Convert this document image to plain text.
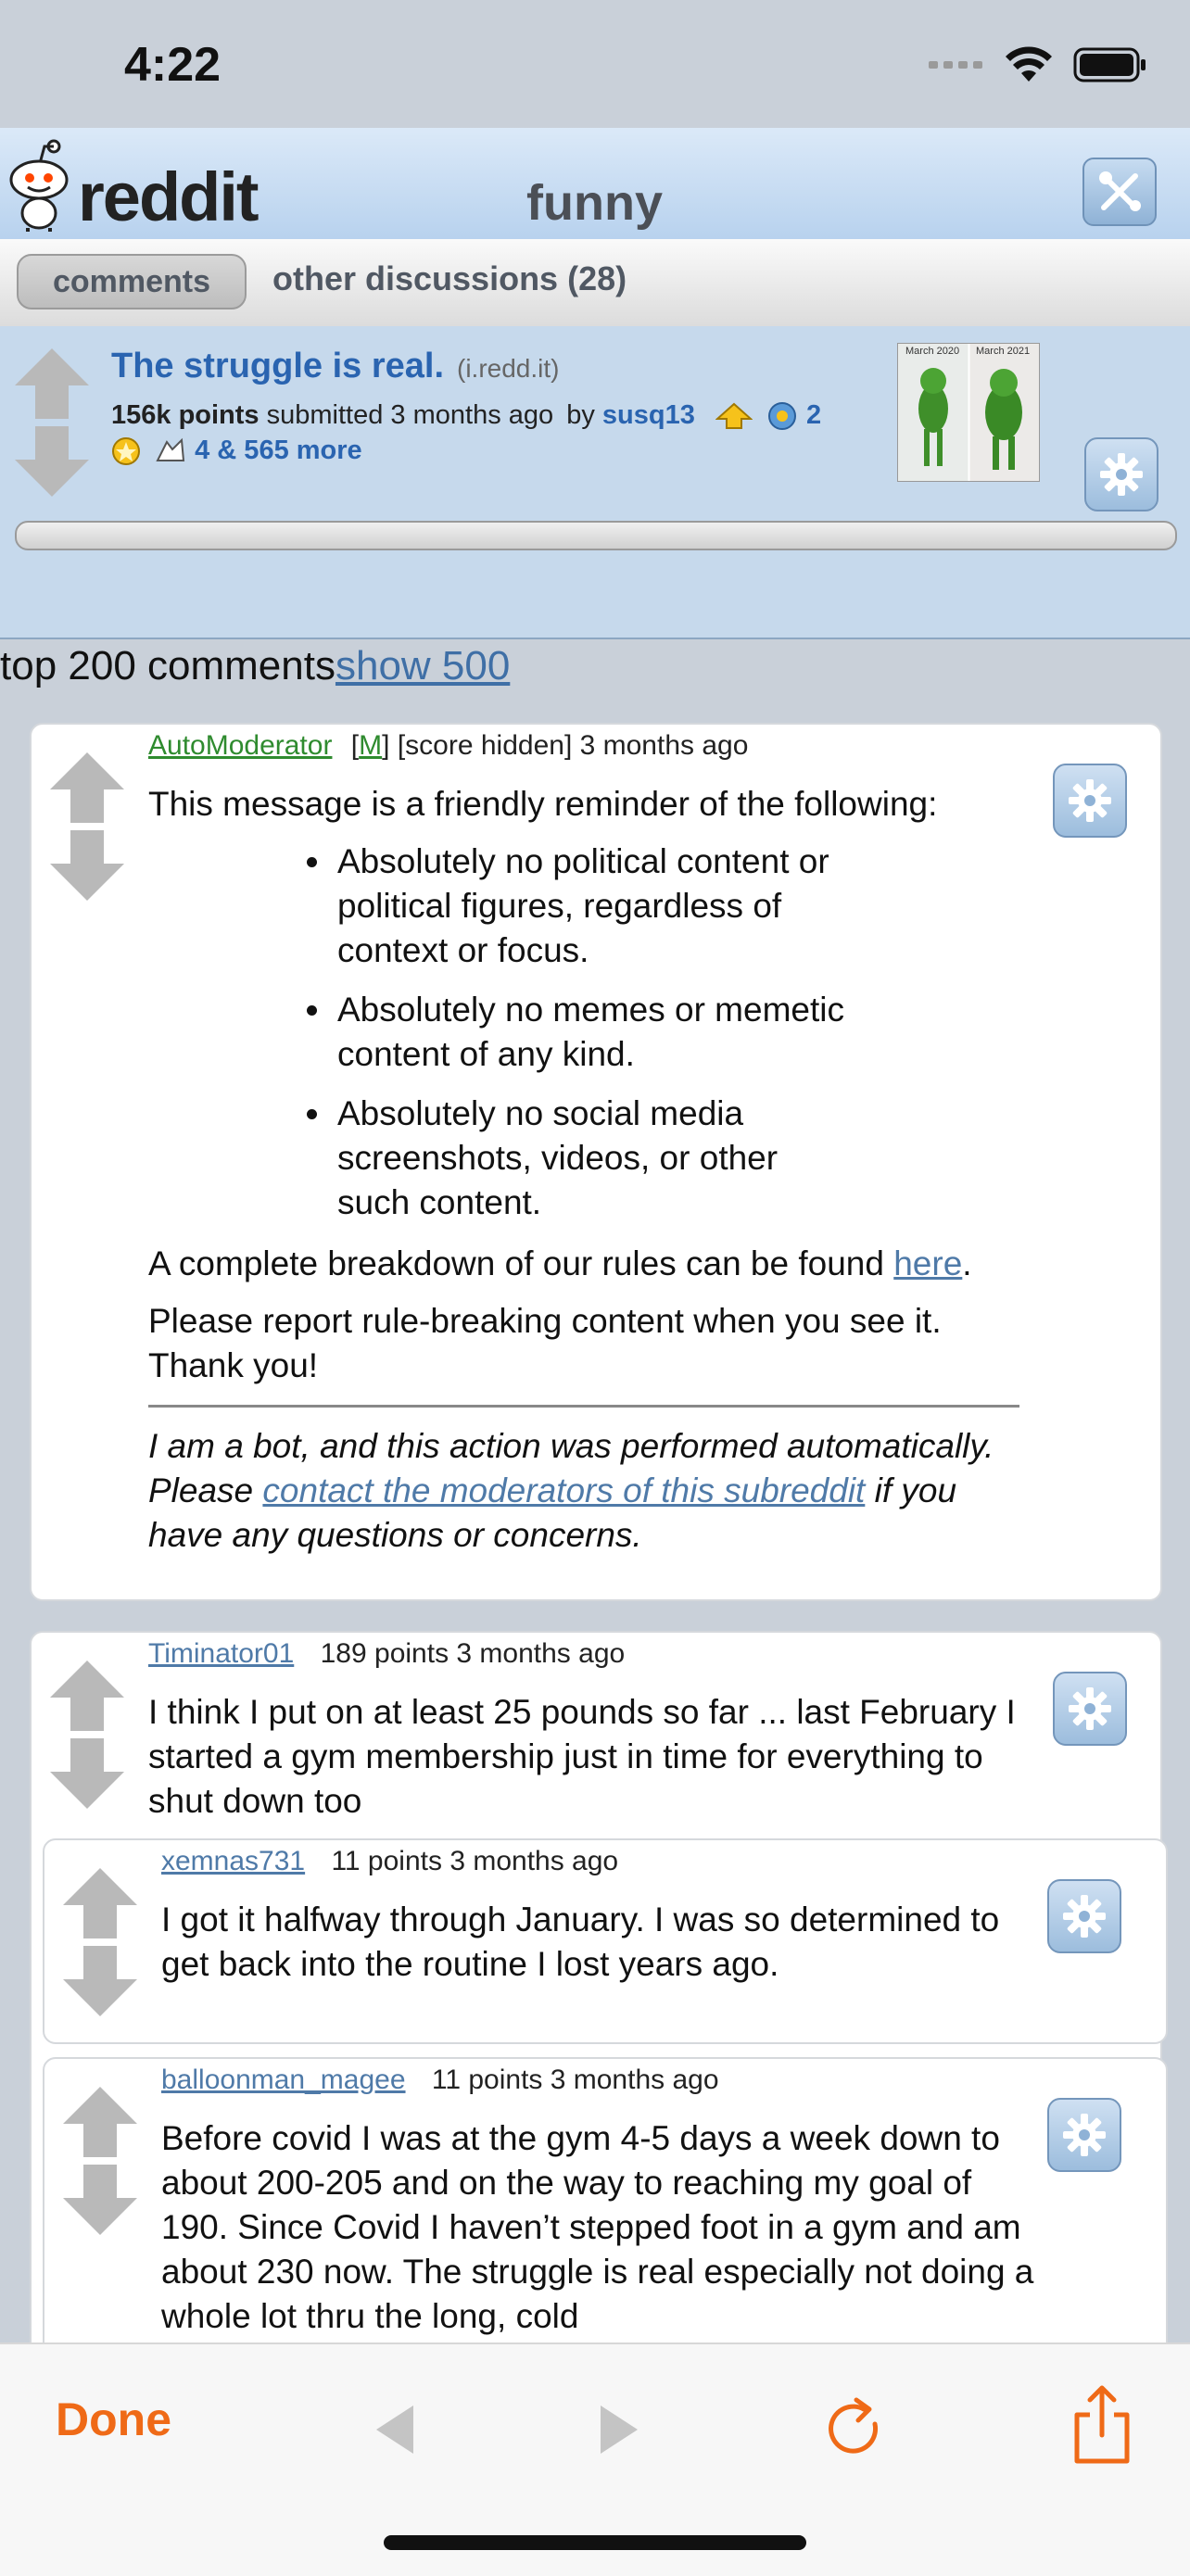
4:22
reddit	funny
comments	other discussions (28)
The struggle is real. (i.redd.it)
156k points submitted 3 months ago by susq13	2
4 & 565 more
March 2020 March 2021
top 200 commentsshow 500
AutoModerator [M] [score hidden] 3 months ago

This message is a friendly reminder of the following:

• Absolutely no political content or political figures, regardless of context or focus.
• Absolutely no memes or memetic content of any kind.
• Absolutely no social media screenshots, videos, or other such content.

A complete breakdown of our rules can be found here.

Please report rule-breaking content when you see it. Thank you!

I am a bot, and this action was performed automatically. Please contact the moderators of this subreddit if you have any questions or concerns.

Timinator01 189 points 3 months ago
I think I put on at least 25 pounds so far ... last February I started a gym membership just in time for everything to shut down too
xemnas731 11 points 3 months ago
I got it halfway through January. I was so determined to get back into the routine I lost years ago.
balloonman_magee 11 points 3 months ago
Before covid I was at the gym 4-5 days a week down to about 200-205 and on the way to reaching my goal of 190. Since Covid I haven’t stepped foot in a gym and am about 230 now. The struggle is real especially not doing a whole lot thru the long, cold
Done
